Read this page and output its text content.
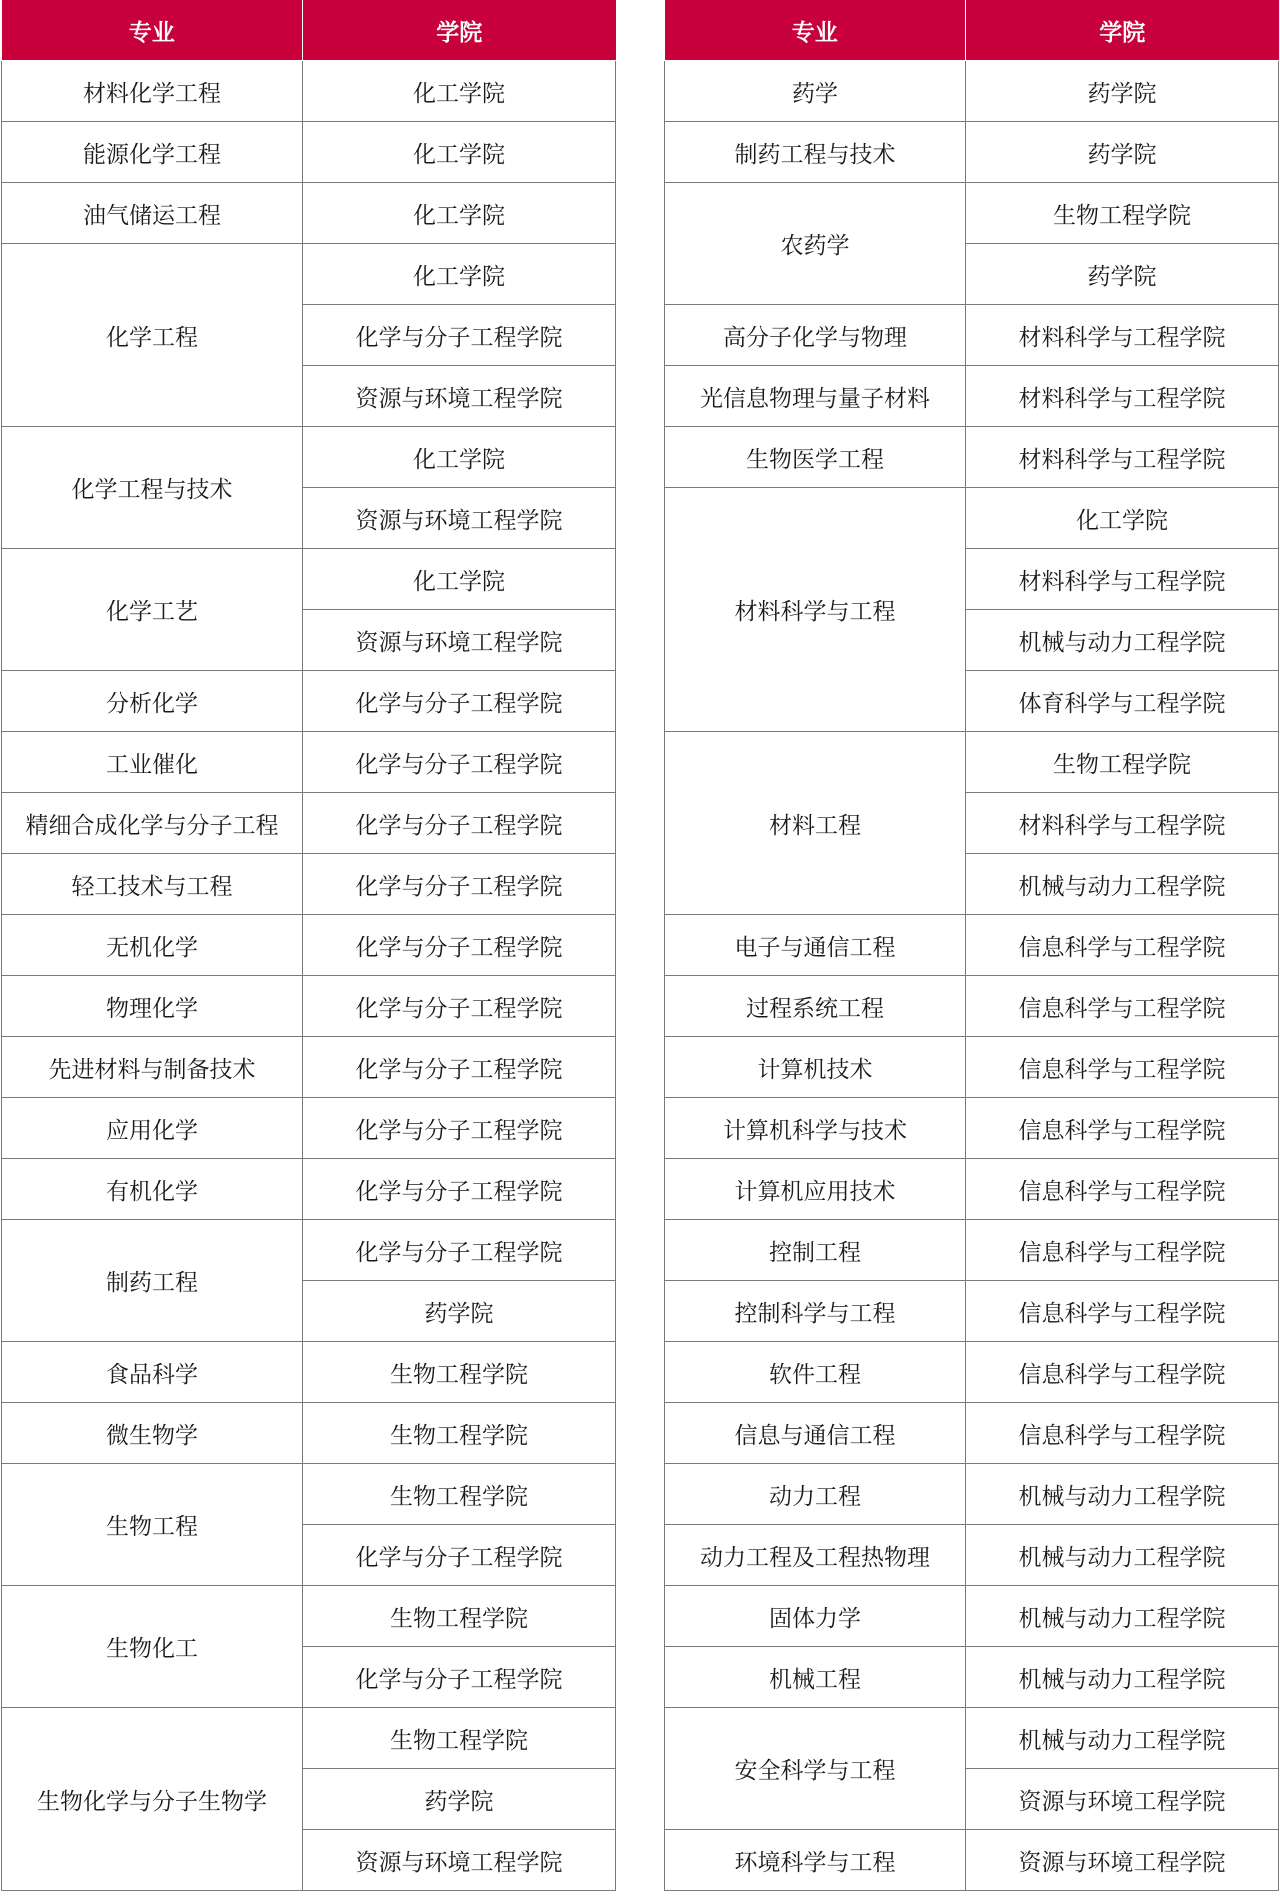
专业	学院
材料化学工程	化工学院
能源化学工程	化工学院
油气储运工程	化工学院
化学工程	化工学院
	化学与分子工程学院
	资源与环境工程学院
化学工程与技术	化工学院
	资源与环境工程学院
化学工艺	化工学院
	资源与环境工程学院
分析化学	化学与分子工程学院
工业催化	化学与分子工程学院
精细合成化学与分子工程	化学与分子工程学院
轻工技术与工程	化学与分子工程学院
无机化学	化学与分子工程学院
物理化学	化学与分子工程学院
先进材料与制备技术	化学与分子工程学院
应用化学	化学与分子工程学院
有机化学	化学与分子工程学院
制药工程	化学与分子工程学院
	药学院
食品科学	生物工程学院
微生物学	生物工程学院
生物工程	生物工程学院
	化学与分子工程学院
生物化工	生物工程学院
	化学与分子工程学院
生物化学与分子生物学	生物工程学院
	药学院
	资源与环境工程学院
专业	学院
药学	药学院
制药工程与技术	药学院
农药学	生物工程学院
	药学院
高分子化学与物理	材料科学与工程学院
光信息物理与量子材料	材料科学与工程学院
生物医学工程	材料科学与工程学院
材料科学与工程	化工学院
	材料科学与工程学院
	机械与动力工程学院
	体育科学与工程学院
材料工程	生物工程学院
	材料科学与工程学院
	机械与动力工程学院
电子与通信工程	信息科学与工程学院
过程系统工程	信息科学与工程学院
计算机技术	信息科学与工程学院
计算机科学与技术	信息科学与工程学院
计算机应用技术	信息科学与工程学院
控制工程	信息科学与工程学院
控制科学与工程	信息科学与工程学院
软件工程	信息科学与工程学院
信息与通信工程	信息科学与工程学院
动力工程	机械与动力工程学院
动力工程及工程热物理	机械与动力工程学院
固体力学	机械与动力工程学院
机械工程	机械与动力工程学院
安全科学与工程	机械与动力工程学院
	资源与环境工程学院
环境科学与工程	资源与环境工程学院
